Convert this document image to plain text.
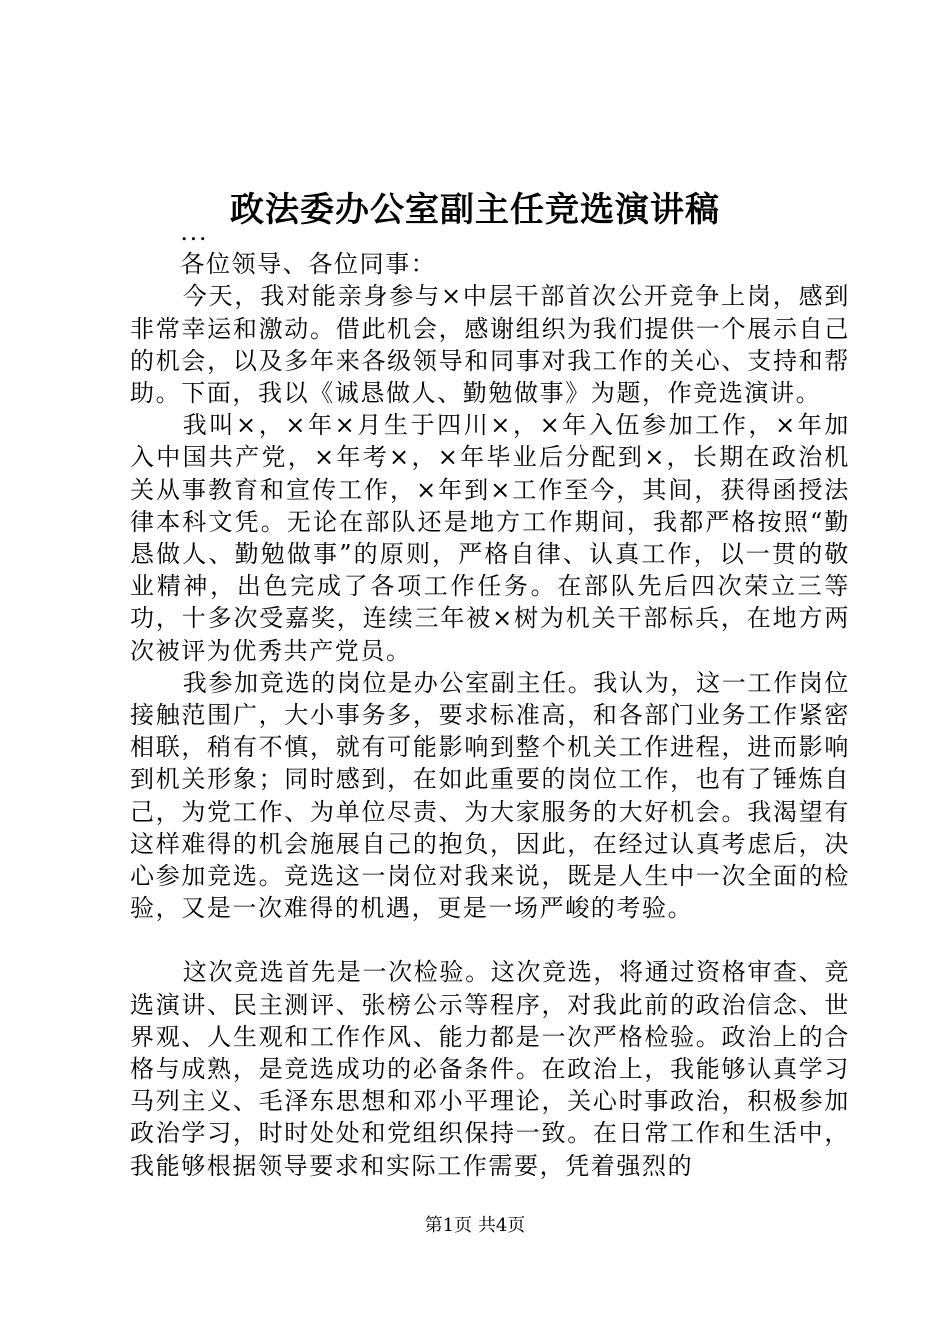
政法委办公室副主任竞选演讲稿

...

各位领导、各位同事：

今天，我对能亲身参与×中层干部首次公开竞争上岗，感到非常幸运和激动。借此机会，感谢组织为我们提供一个展示自己的机会，以及多年来各级领导和同事对我工作的关心、支持和帮助。下面，我以《诚恳做人、勤勉做事》为题，作竞选演讲。

我叫×，×年×月生于四川×，×年入伍参加工作，×年加入中国共产党，×年考×，×年毕业后分配到×，长期在政治机关从事教育和宣传工作，×年到×工作至今，其间，获得函授法律本科文凭。无论在部队还是地方工作期间，我都严格按照“勤恳做人、勤勉做事”的原则，严格自律、认真工作，以一贯的敬业精神，出色完成了各项工作任务。在部队先后四次荣立三等功，十多次受嘉奖，连续三年被×树为机关干部标兵，在地方两次被评为优秀共产党员。

我参加竞选的岗位是办公室副主任。我认为，这一工作岗位接触范围广，大小事务多，要求标准高，和各部门业务工作紧密相联，稍有不慎，就有可能影响到整个机关工作进程，进而影响到机关形象；同时感到，在如此重要的岗位工作，也有了锤炼自己，为党工作、为单位尽责、为大家服务的大好机会。我渴望有这样难得的机会施展自己的抱负，因此，在经过认真考虑后，决心参加竞选。竞选这一岗位对我来说，既是人生中一次全面的检验，又是一次难得的机遇，更是一场严峻的考验。

这次竞选首先是一次检验。这次竞选，将通过资格审查、竞选演讲、民主测评、张榜公示等程序，对我此前的政治信念、世界观、人生观和工作作风、能力都是一次严格检验。政治上的合格与成熟，是竞选成功的必备条件。在政治上，我能够认真学习马列主义、毛泽东思想和邓小平理论，关心时事政治，积极参加政治学习，时时处处和党组织保持一致。在日常工作和生活中，我能够根据领导要求和实际工作需要，凭着强烈的

第1页 共4页
